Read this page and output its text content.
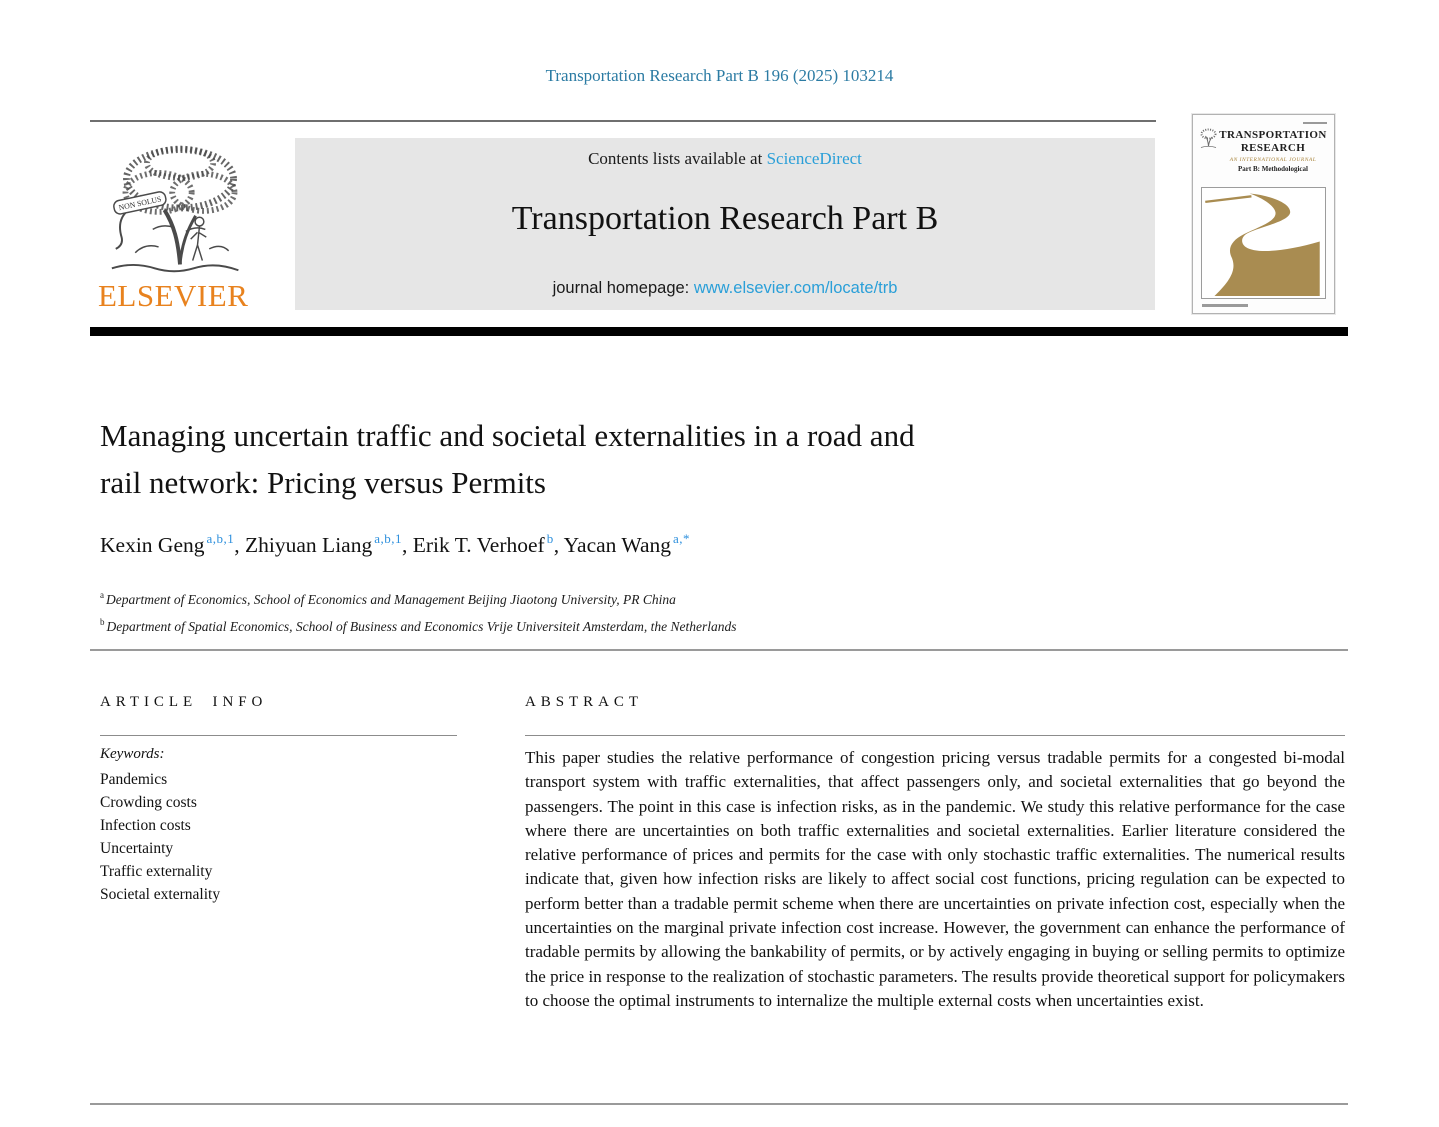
Transportation Research Part B 196 (2025) 103214
NON SOLUS
ELSEVIER
Contents lists available at ScienceDirect
Transportation Research Part B
journal homepage: www.elsevier.com/locate/trb
TRANSPORTATION
RESEARCH
AN INTERNATIONAL JOURNAL
Part B: Methodological
Managing uncertain traffic and societal externalities in a road and
rail network: Pricing versus Permits
Kexin Geng $^{a,b,1}$, Zhiyuan Liang $^{a,b,1}$, Erik T. Verhoef $^b$, Yacan Wang $^{a,*}$
$^a$ Department of Economics, School of Economics and Management Beijing Jiaotong University, PR China
$^b$ Department of Spatial Economics, School of Business and Economics Vrije Universiteit Amsterdam, the Netherlands
ARTICLE INFO
Keywords:
Pandemics
Crowding costs
Infection costs
Uncertainty
Traffic externality
Societal externality
ABSTRACT
This paper studies the relative performance of congestion pricing versus tradable permits for a congested bi-modal transport system with traffic externalities, that affect passengers only, and societal externalities that go beyond the passengers. The point in this case is infection risks, as in the pandemic. We study this relative performance for the case where there are uncertainties on both traffic externalities and societal externalities. Earlier literature considered the relative performance of prices and permits for the case with only stochastic traffic externalities. The numerical results indicate that, given how infection risks are likely to affect social cost functions, pricing regulation can be expected to perform better than a tradable permit scheme when there are uncertainties on private infection cost, especially when the uncertainties on the marginal private infection cost increase. However, the government can enhance the performance of tradable permits by allowing the bankability of permits, or by actively engaging in buying or selling permits to optimize the price in response to the realization of stochastic parameters. The results provide theoretical support for policymakers to choose the optimal instruments to internalize the multiple external costs when uncertainties exist.
